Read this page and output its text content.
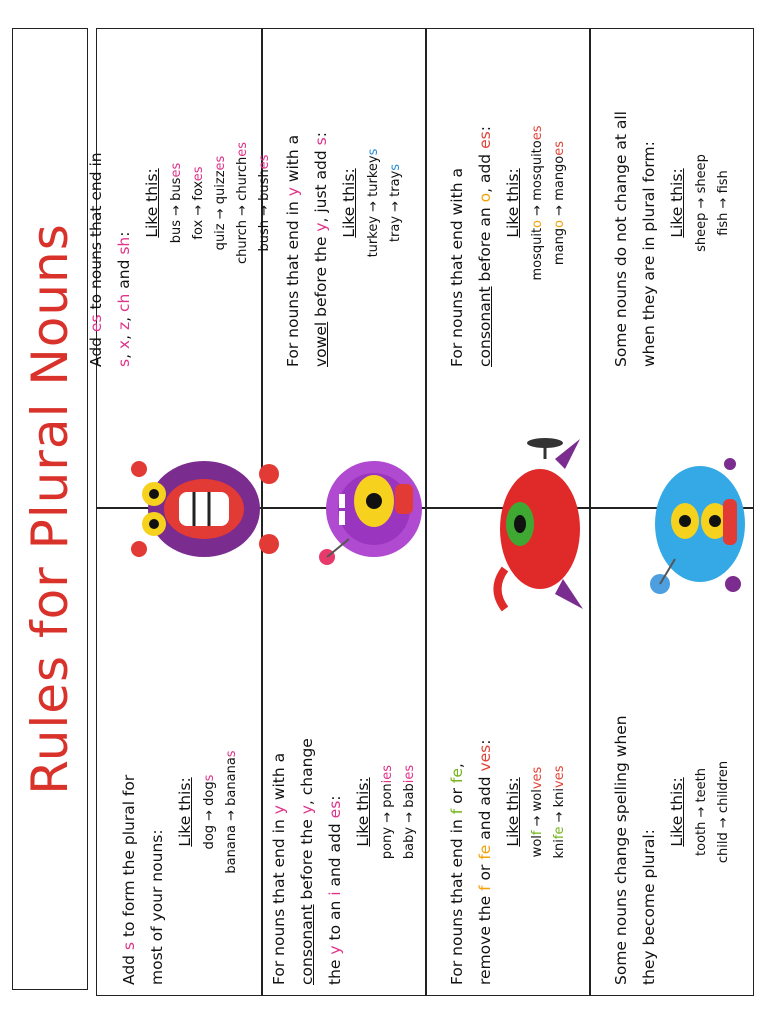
Rules for Plural Nouns
Add s to form the plural for most of your nouns:
Like this: dog → dogs banana → bananas
Add es to nouns that end in
s, x, z, ch and sh: Like this: bus → buses
fox → foxes quiz → quizzes church → churches
bush → bushes
For nouns that end in y with a
consonant before the y, change
the y to an i and add es: Like this: pony → ponies
baby → babies
For nouns that end in y with a
vowel before the y, just add s:
Like this: turkey → turkeys
tray → trays
For nouns that end in f or fe,
remove the f or fe and add ves:
Like this: wolf → wolves
knife → knives
For nouns that end with a consonant before an o, add es:
Like this:
mosquito → mosquitoes
mango → mangoes
Some nouns change spelling when they become plural:
Like this: tooth → teeth child → children
Some nouns do not change at all when they are in plural form: Like this: sheep → sheep fish → fish
